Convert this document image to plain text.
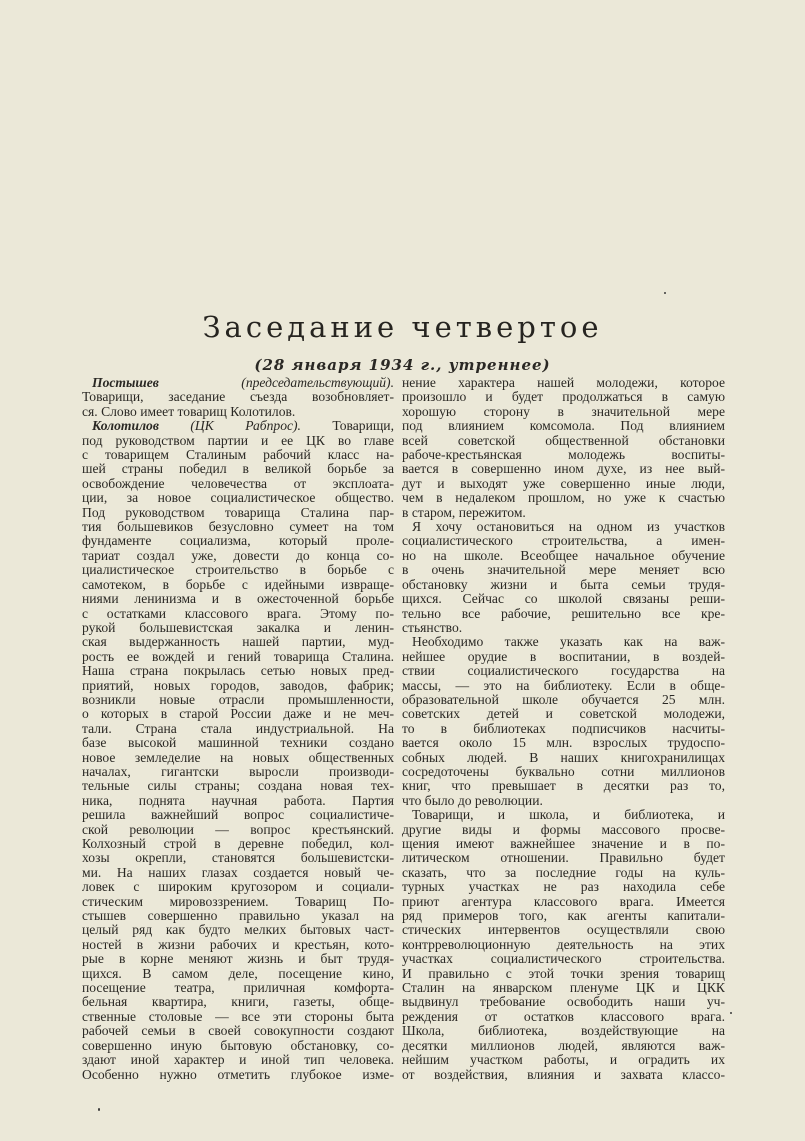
Заседание четвертое
(28 января 1934 г., утреннее)
Постышев	(председательствующий).
Товарищи, заседание съезда возобновляет-
ся. Слово имеет товарищ Колотилов.
Колотилов (ЦК Рабпрос). Товарищи,
под руководством партии и ее ЦК во главе
с товарищем Сталиным рабочий класс на-
шей страны победил в великой борьбе за
освобождение человечества от эксплоата-
ции, за новое социалистическое общество.
Под руководством товарища Сталина пар-
тия большевиков безусловно сумеет на том
фундаменте социализма, который проле-
тариат создал уже, довести до конца со-
циалистическое строительство в борьбе с
самотеком, в борьбе с идейными извраще-
ниями ленинизма и в ожесточенной борьбе
с остатками классового врага. Этому по-
рукой большевистская закалка и ленин-
ская выдержанность нашей партии, муд-
рость ее вождей и гений товарища Сталина.
Наша страна покрылась сетью новых пред-
приятий, новых городов, заводов, фабрик;
возникли новые отрасли промышленности,
о которых в старой России даже и не меч-
тали. Страна стала индустриальной. На
базе высокой машинной техники создано
новое земледелие на новых общественных
началах, гигантски выросли производи-
тельные силы страны; создана новая тех-
ника, поднята научная работа. Партия
решила важнейший вопрос социалистиче-
ской революции — вопрос крестьянский.
Колхозный строй в деревне победил, кол-
хозы окрепли, становятся большевистски-
ми. На наших глазах создается новый че-
ловек с широким кругозором и социали-
стическим мировоззрением. Товарищ По-
стышев совершенно правильно указал на
целый ряд как будто мелких бытовых част-
ностей в жизни рабочих и крестьян, кото-
рые в корне меняют жизнь и быт трудя-
щихся. В самом деле, посещение кино,
посещение театра, приличная комфорта-
бельная квартира, книги, газеты, обще-
ственные столовые — все эти стороны быта
рабочей семьи в своей совокупности создают
совершенно иную бытовую обстановку, со-
здают иной характер и иной тип человека.
Особенно нужно отметить глубокое изме-
нение характера нашей молодежи, которое
произошло и будет продолжаться в самую
хорошую сторону в значительной мере
под влиянием комсомола. Под влиянием
всей советской общественной обстановки
рабоче-крестьянская молодежь воспиты-
вается в совершенно ином духе, из нее вый-
дут и выходят уже совершенно иные люди,
чем в недалеком прошлом, но уже к счастью
в старом, пережитом.
Я хочу остановиться на одном из участков
социалистического строительства, а имен-
но на школе. Всеобщее начальное обучение
в очень значительной мере меняет всю
обстановку жизни и быта семьи трудя-
щихся. Сейчас со школой связаны реши-
тельно все рабочие, решительно все кре-
стьянство.
Необходимо также указать как на важ-
нейшее орудие в воспитании, в воздей-
ствии социалистического государства на
массы, — это на библиотеку. Если в обще-
образовательной школе обучается 25 млн.
советских детей и советской молодежи,
то в библиотеках подписчиков насчиты-
вается около 15 млн. взрослых трудоспо-
собных людей. В наших книгохранилищах
сосредоточены буквально сотни миллионов
книг, что превышает в десятки раз то,
что было до революции.
Товарищи, и школа, и библиотека, и
другие виды и формы массового просве-
щения имеют важнейшее значение и в по-
литическом отношении. Правильно будет
сказать, что за последние годы на куль-
турных участках не раз находила себе
приют агентура классового врага. Имеется
ряд примеров того, как агенты капитали-
стических интервентов осуществляли свою
контрреволюционную деятельность на этих
участках социалистического строительства.
И правильно с этой точки зрения товарищ
Сталин на январском пленуме ЦК и ЦКК
выдвинул требование освободить наши уч-
реждения от остатков классового врага.
Школа, библиотека, воздействующие на
десятки миллионов людей, являются важ-
нейшим участком работы, и оградить их
от воздействия, влияния и захвата классо-
